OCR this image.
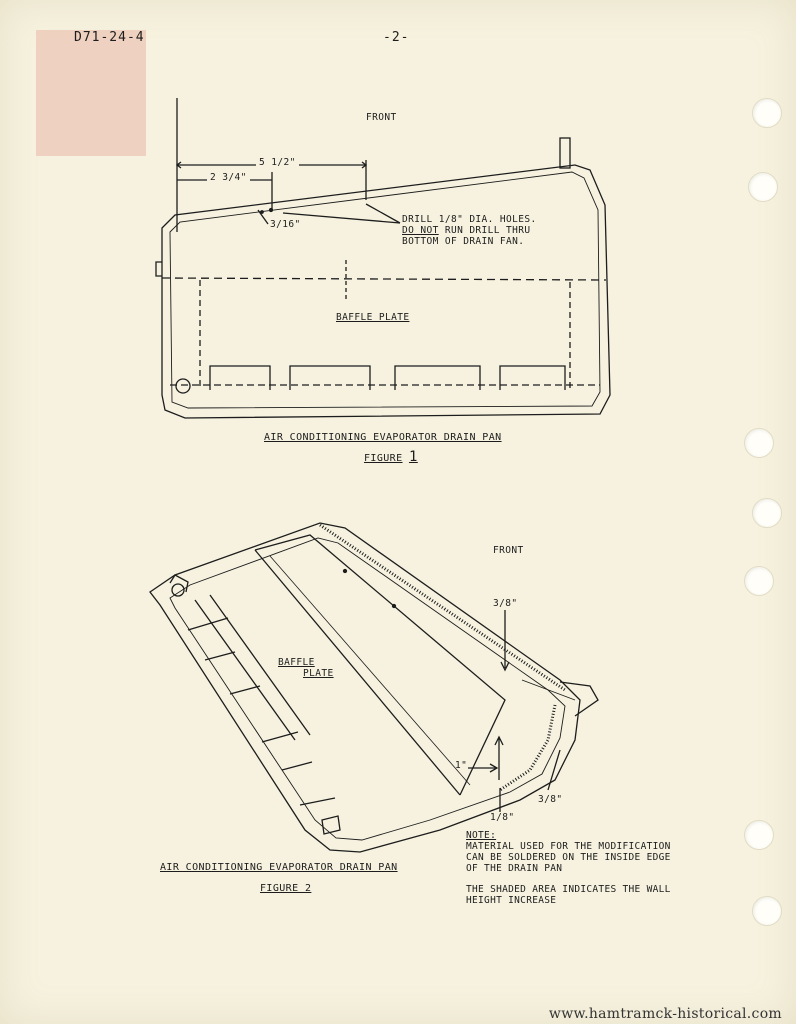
D71-24-4	-2-
FRONT
5 1/2"
2 3/4"
3/16"	DRILL 1/8" DIA. HOLES.
DO NOT RUN DRILL THRU
BOTTOM OF DRAIN FAN.
BAFFLE PLATE
AIR CONDITIONING EVAPORATOR DRAIN PAN
FIGURE 1
FRONT
3/8"
3/8"
1"
1/8"
BAFFLE
PLATE
AIR CONDITIONING EVAPORATOR DRAIN PAN
FIGURE 2
NOTE:
MATERIAL USED FOR THE MODIFICATION
CAN BE SOLDERED ON THE INSIDE EDGE
OF THE DRAIN PAN
THE SHADED AREA INDICATES THE WALL
HEIGHT INCREASE
www.hamtramck-historical.com
